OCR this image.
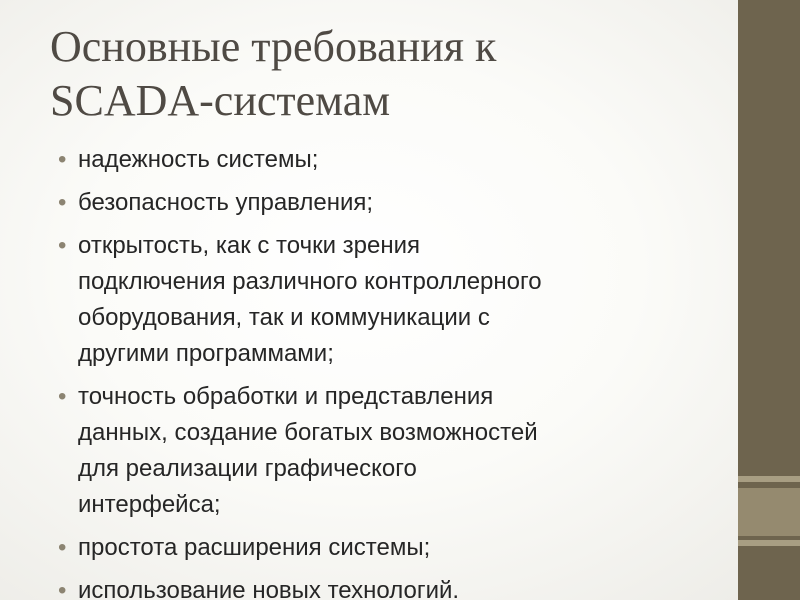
Основные требования к
SCADA-системам
• надежность системы;
• безопасность управления;
• открытость, как с точки зрения
подключения различного контроллерного
оборудования, так и коммуникации с
другими программами;
• точность обработки и представления
данных, создание богатых возможностей
для реализации графического
интерфейса;
• простота расширения системы;
• использование новых технологий.
